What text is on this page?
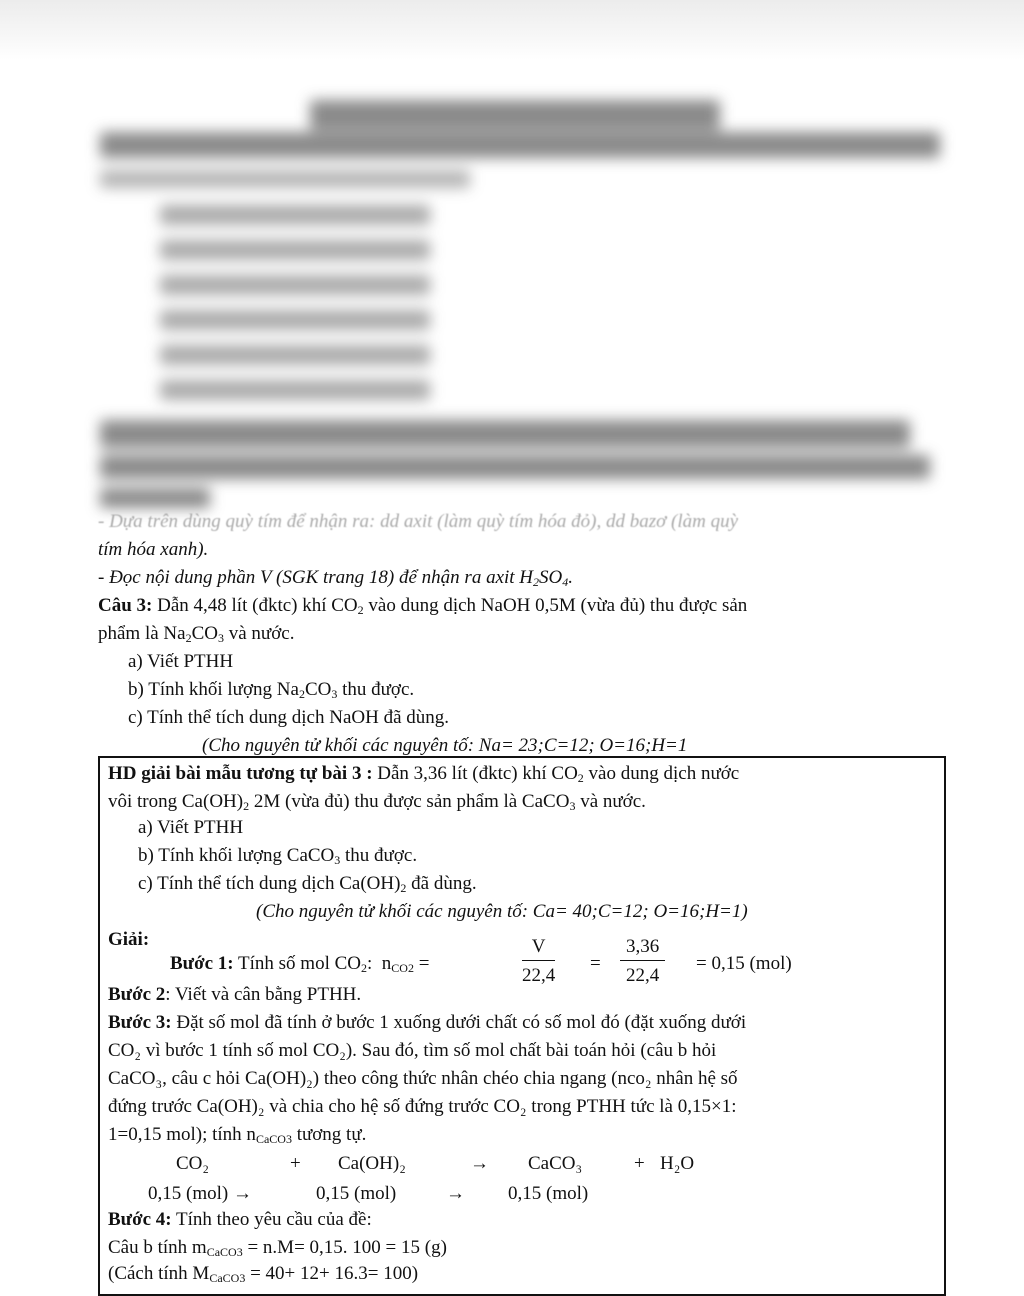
- Dựa trên dùng quỳ tím để nhận ra: dd axit (làm quỳ tím hóa đỏ), dd bazơ (làm quỳ
tím hóa xanh).
- Đọc nội dung phần V (SGK trang 18) để nhận ra axit $H_2SO_4$.
Câu 3: Dẫn 4,48 lít (đktc) khí $CO_2$ vào dung dịch NaOH 0,5M (vừa đủ) thu được sản
phẩm là $Na_2CO_3$ và nước.
a) Viết PTHH
b) Tính khối lượng $Na_2CO_3$ thu được.
c) Tính thể tích dung dịch NaOH đã dùng.
(Cho nguyên tử khối các nguyên tố: Na= 23;C=12; O=16;H=1
HD giải bài mẫu tương tự bài 3 : Dẫn 3,36 lít (đktc) khí $CO_2$ vào dung dịch nước
vôi trong $Ca(OH)_2$ 2M (vừa đủ) thu được sản phẩm là CaCO$_3$ và nước.
a) Viết PTHH
b) Tính khối lượng CaCO$_3$ thu được.
c) Tính thể tích dung dịch $Ca(OH)_2$ đã dùng.
(Cho nguyên tử khối các nguyên tố: Ca= 40;C=12; O=16;H=1)
Giải:
Bước 1: Tính số mol $CO_2$:  $n_{CO2}$ =	$\frac{V}{22,4} = \frac{3,36}{22,4} = 0,15$ (mol)
Bước 2: Viết và cân bằng PTHH.
Bước 3: Đặt số mol đã tính ở bước 1 xuống dưới chất có số mol đó (đặt xuống dưới
CO₂ vì bước 1 tính số mol CO₂). Sau đó, tìm số mol chất bài toán hỏi (câu b hỏi
CaCO₃, câu c hỏi Ca(OH)₂) theo công thức nhân chéo chia ngang (nco₂ nhân hệ số
đứng trước Ca(OH)₂ và chia cho hệ số đứng trước CO₂ trong PTHH tức là 0,15×1:
1=0,15 mol); tính $n_{CaCO3}$ tương tự.
CO₂	+ Ca(OH)₂	→ CaCO₃	+ H₂O
0,15 (mol) →	0,15 (mol)	→ 0,15 (mol)
Bước 4: Tính theo yêu cầu của đề:
Câu b tính $m_{CaCO3} = n.M= 0,15$. 100 = 15 (g)
(Cách tính $M_{CaCO3} = 40+ 12+ 16.3= 100$)
